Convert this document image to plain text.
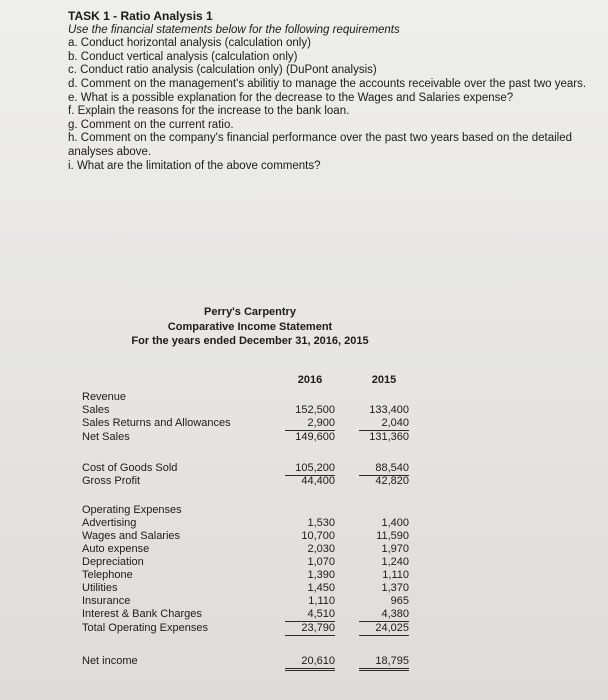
TASK 1 - Ratio Analysis 1

Use the financial statements below for the following requirements

a. Conduct horizontal analysis (calculation only)

b. Conduct vertical analysis (calculation only)

c. Conduct ratio analysis (calculation only) (DuPont analysis)

d. Comment on the management's abilitiy to manage the accounts receivable over the past two years.

e. What is a possible explanation for the decrease to the Wages and Salaries expense?

f. Explain the reasons for the increase to the bank loan.

g. Comment on the current ratio.

h. Comment on the company's financial performance over the past two years based on the detailed analyses above.

i. What are the limitation of the above comments?

Perry's Carpentry
Comparative Income Statement
For the years ended December 31, 2016, 2015
2016	2015
Revenue
Sales	152,500	133,400
Sales Returns and Allowances	2,900	2,040
Net Sales	149,600	131,360
Cost of Goods Sold	105,200	88,540
Gross Profit	44,400	42,820
Operating Expenses
Advertising	1,530	1,400
Wages and Salaries	10,700	11,590
Auto expense	2,030	1,970
Depreciation	1,070	1,240
Telephone	1,390	1,110
Utilities	1,450	1,370
Insurance	1,110	965
Interest & Bank Charges	4,510	4,380
Total Operating Expenses	23,790	24,025
Net income	20,610	18,795
